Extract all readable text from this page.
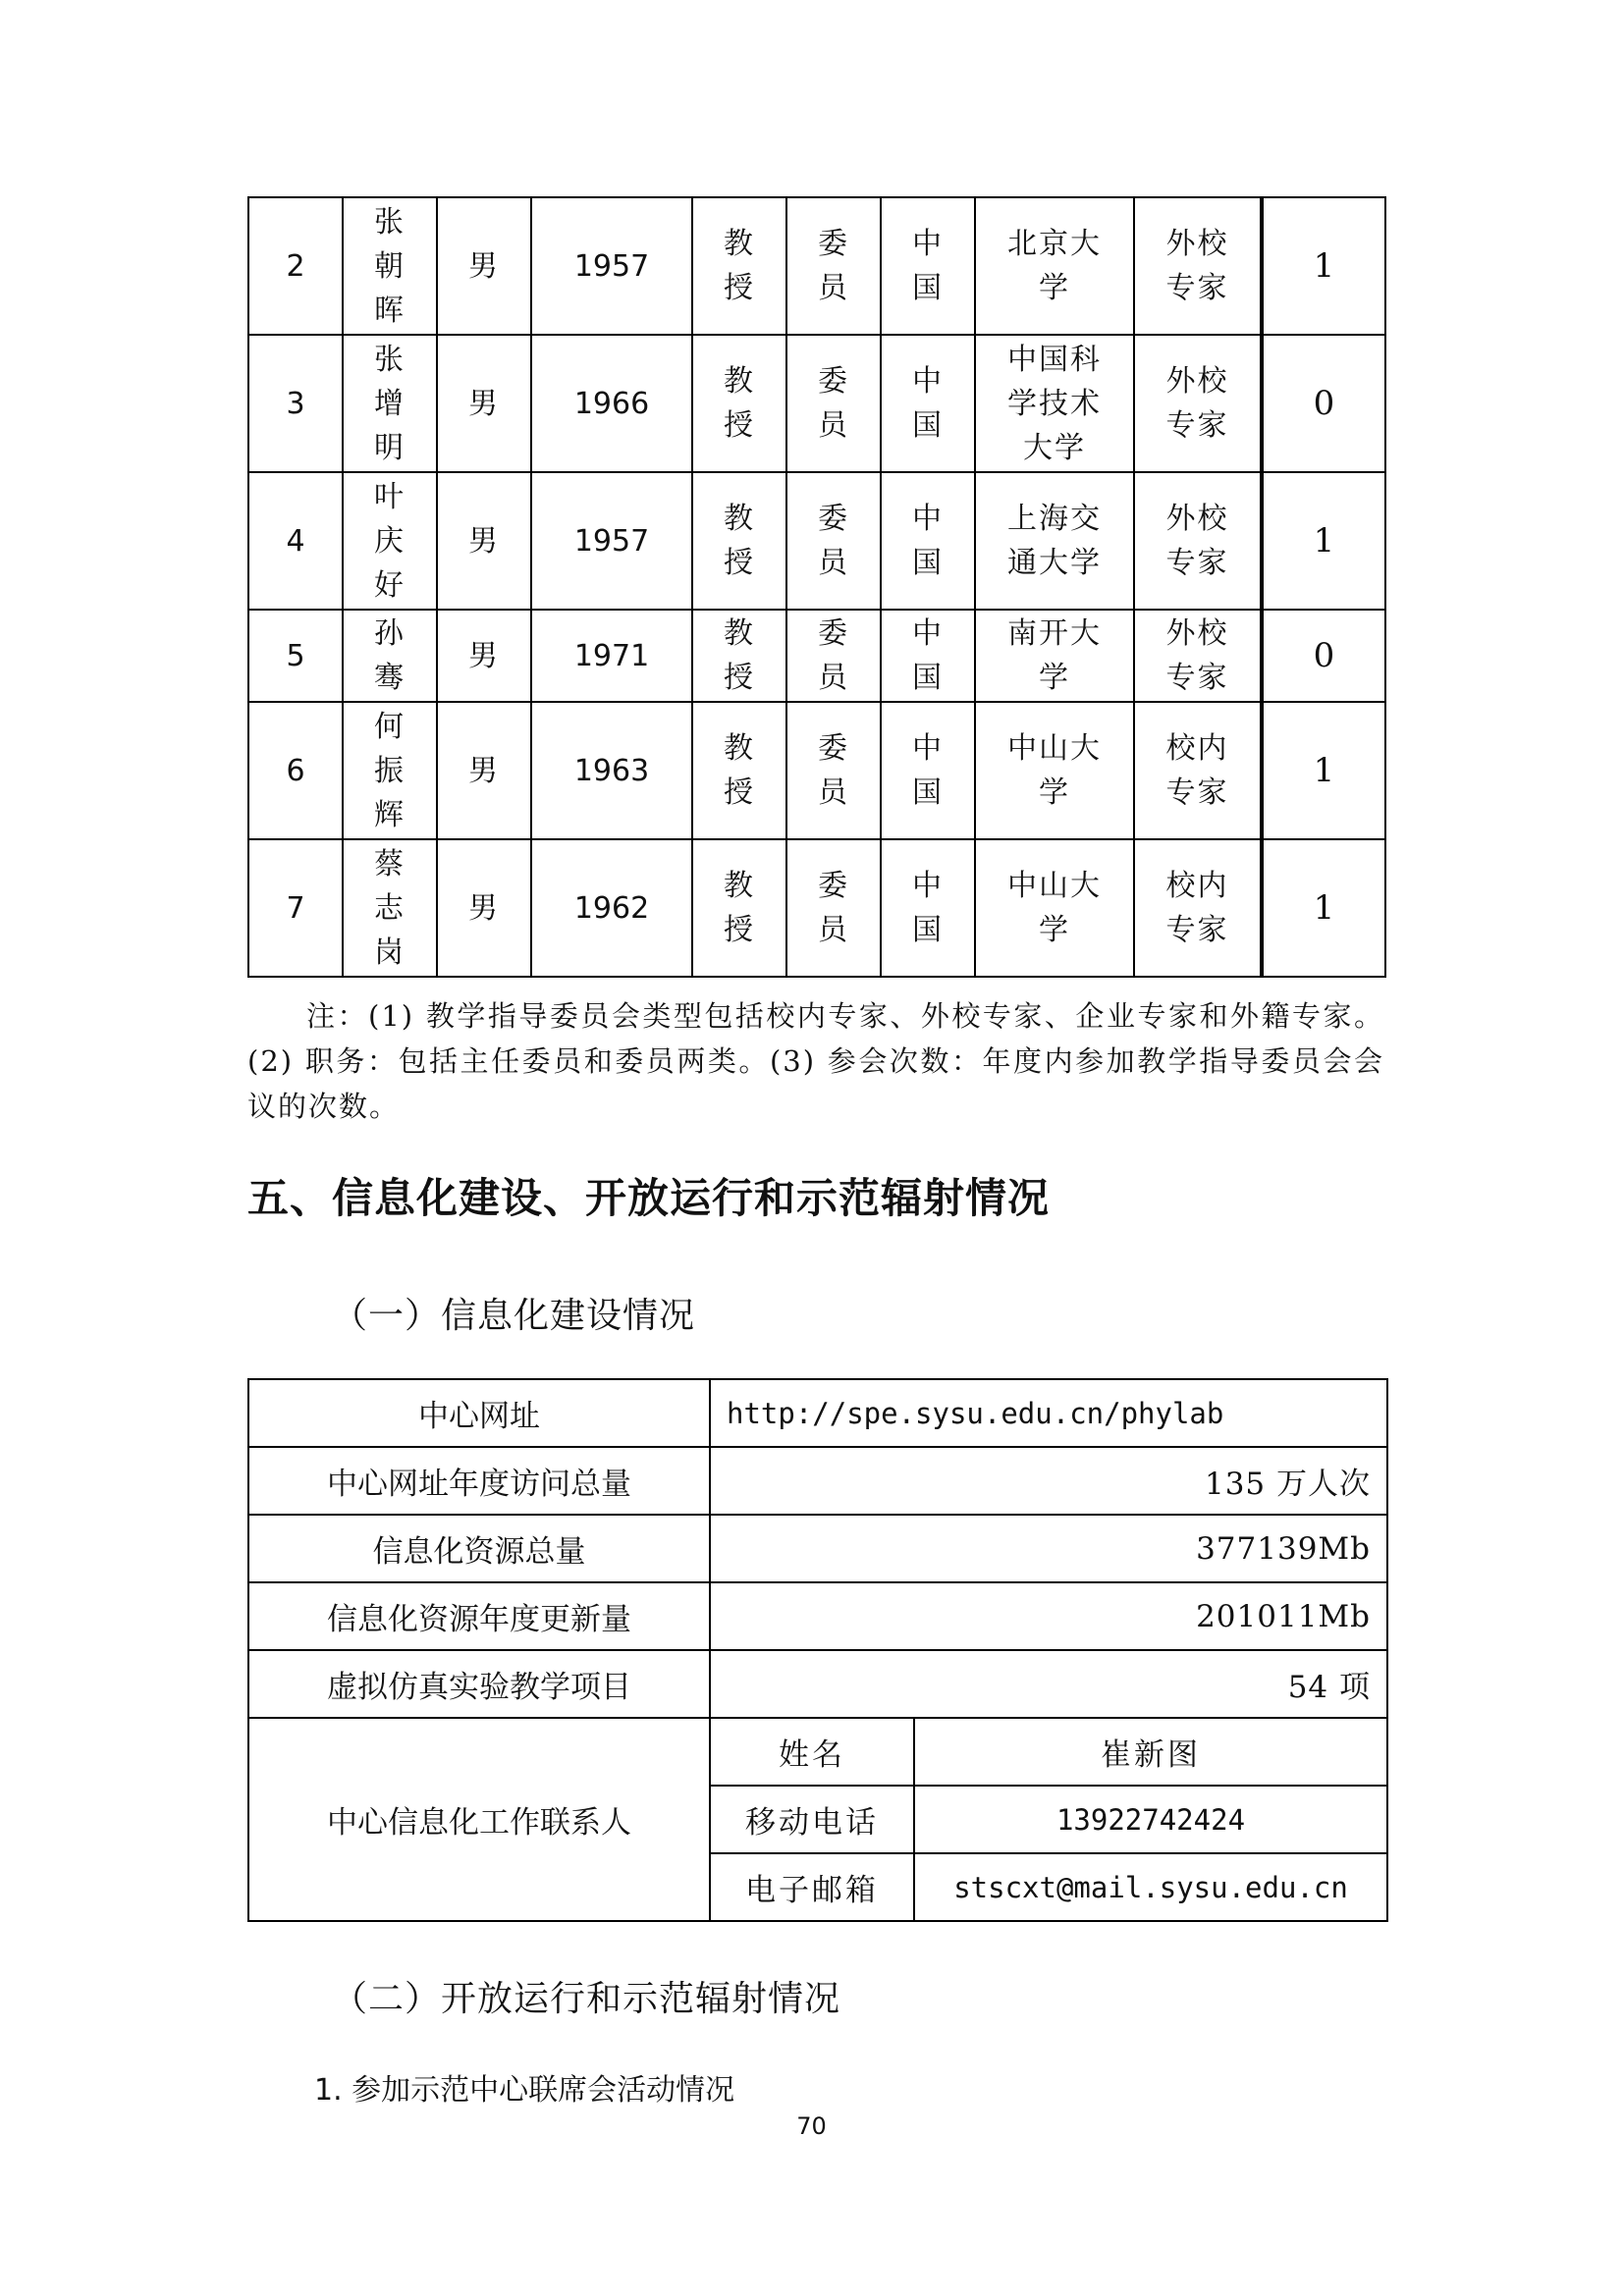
2	张朝晖	男	1957	教授	委员	中国	北京大学	外校专家	1
3	张增明	男	1966	教授	委员	中国	中国科学技术大学	外校专家	0
4	叶庆好	男	1957	教授	委员	中国	上海交通大学	外校专家	1
5	孙骞	男	1971	教授	委员	中国	南开大学	外校专家	0
6	何振辉	男	1963	教授	委员	中国	中山大学	校内专家	1
7	蔡志岗	男	1962	教授	委员	中国	中山大学	校内专家	1
注：(1) 教学指导委员会类型包括校内专家、外校专家、企业专家和外籍专家。(2) 职务：包括主任委员和委员两类。(3) 参会次数：年度内参加教学指导委员会会议的次数。
五、信息化建设、开放运行和示范辐射情况
（一）信息化建设情况
中心网址	http://spe.sysu.edu.cn/phylab	
中心网址年度访问总量	135 万人次	
信息化资源总量	377139Mb	
信息化资源年度更新量	201011Mb	
虚拟仿真实验教学项目	54 项	
中心信息化工作联系人	姓名	崔新图
	移动电话	13922742424
	电子邮箱	stscxt@mail.sysu.edu.cn
（二）开放运行和示范辐射情况
1. 参加示范中心联席会活动情况
70
